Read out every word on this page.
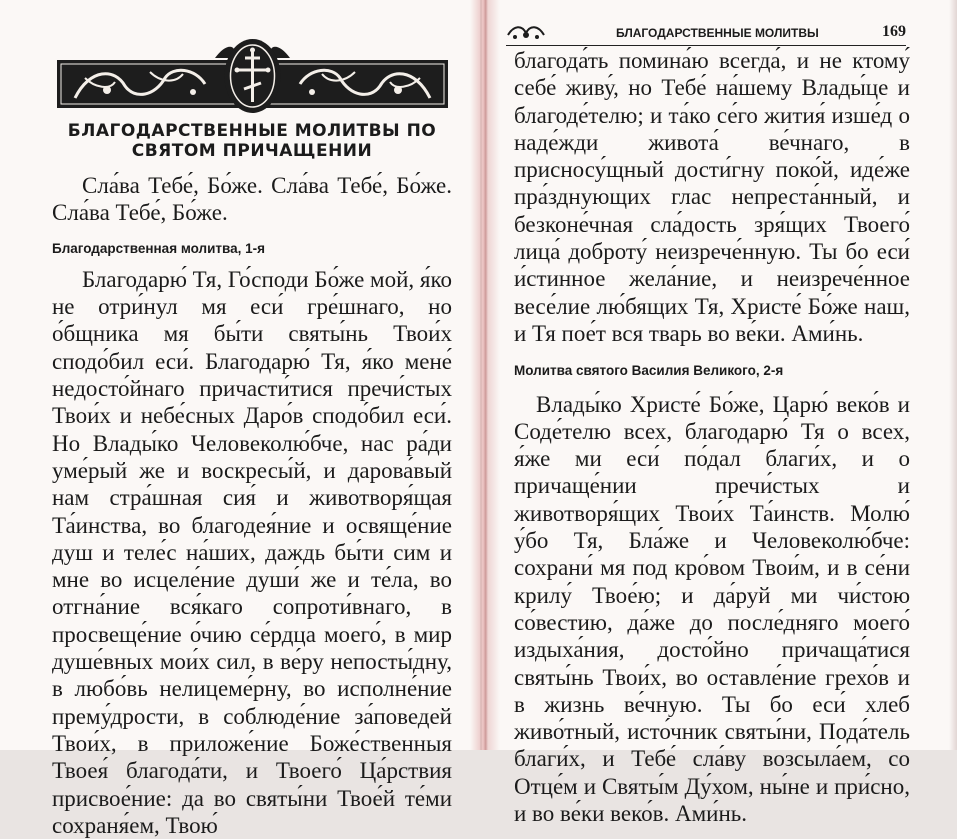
БЛАГОДАРСТВЕННЫЕ МОЛИТВЫ ПО СВЯТОМ ПРИЧАЩЕНИИ

Сла́ва Тебе́, Бо́же. Сла́ва Тебе́, Бо́же. Сла́ва Тебе́, Бо́же.

Благодарственная молитва, 1-я

Благодарю́ Тя, Го́споди Бо́же мой, я́ко не отри́нул мя еси́ гре́шнаго, но о́бщника мя бы́ти святы́нь Твои́х сподо́бил еси́. Благодарю́ Тя, я́ко мене́ недосто́йнаго причасти́тися пречи́стых Твои́х и небе́сных Даро́в сподо́бил еси́. Но Влады́ко Человеколю́бче, нас ра́ди уме́рый же и воскресы́й, и дарова́вый нам стра́шная сия́ и животворя́щая Та́инства, во благодея́ние и освяще́ние душ и теле́с на́ших, даждь бы́ти сим и мне во исцеле́ние души́ же и те́ла, во отгна́ние вся́каго сопроти́внаго, в просвеще́ние о́чию се́рдца моего́, в мир душе́вных мои́х сил, в ве́ру непосты́дну, в любо́вь нелицеме́рну, во исполне́ние прему́дрости, в соблюде́ние за́поведей Твои́х, в приложе́ние Боже́ственныя Твоея́ благода́ти, и Твоего́ Ца́рствия присвое́ние: да во святы́ни Твое́й те́ми сохраня́ем, Твою́

БЛАГОДАРСТВЕННЫЕ МОЛИТВЫ	169

благода́ть помина́ю всегда́, и не ктому́ себе́ живу́, но Тебе́ на́шему Влады́це и благоде́телю; и та́ко се́го жития́ изше́д о наде́жди живота́ ве́чнаго, в присносу́щный дости́гну поко́й, иде́же пра́зднующих глас непреста́нный, и безконе́чная сла́дость зря́щих Твоего́ лица́ доброту́ неизрече́нную. Ты бо еси́ и́стинное жела́ние, и неизрече́нное весе́лие лю́бящих Тя, Христе́ Бо́же наш, и Тя пое́т вся тварь во ве́ки. Ами́нь.

Молитва святого Василия Великого, 2-я

Влады́ко Христе́ Бо́же, Царю́ веко́в и Соде́телю всех, благодарю́ Тя о всех, я́же ми еси́ по́дал благи́х, и о причаще́нии пречи́стых и животворя́щих Твои́х Та́инств. Молю́ у́бо Тя, Бла́же и Человеколю́бче: сохрани́ мя под кро́вом Твои́м, и в се́ни крилу́ Твое́ю; и да́руй ми чи́стою со́вестию, да́же до после́дняго моего́ издыха́ния, досто́йно причаща́тися святы́нь Твои́х, во оставле́ние грехо́в и в жизнь ве́чную. Ты бо еси́ хлеб живо́тный, исто́чник святы́ни, Пода́тель благи́х, и Тебе́ сла́ву возсыла́ем, со Отце́м и Святы́м Ду́хом, ны́не и при́сно, и во ве́ки веко́в. Ами́нь.
